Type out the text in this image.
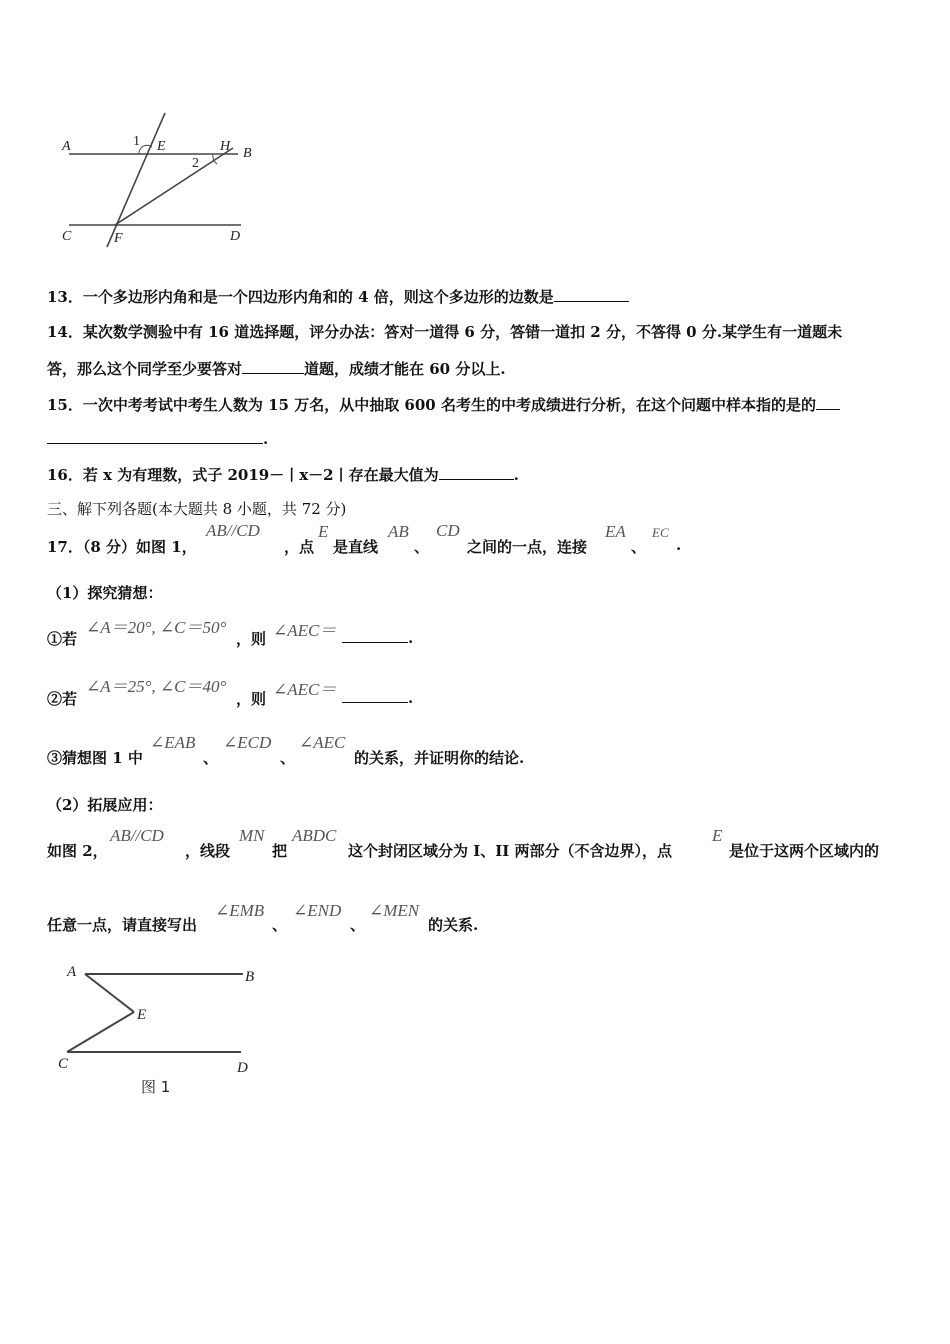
A	1 E	H B
2
C	F	D
13．一个多边形内角和是一个四边形内角和的 4 倍，则这个多边形的边数是
14．某次数学测验中有 16 道选择题，评分办法：答对一道得 6 分，答错一道扣 2 分，不答得 0 分.某学生有一道题未
答，那么这个同学至少要答对	道题，成绩才能在 60 分以上.
15．一次中考考试中考生人数为 15 万名，从中抽取 600 名考生的中考成绩进行分析，在这个问题中样本指的是的
.
16．若 x 为有理数，式子 2019－丨x－2丨存在最大值为	.
三、解下列各题(本大题共 8 小题，共 72 分)
17．（8 分）如图 1，
AB//CD
，点
E
是直线
AB
、
CD
之间的一点，连接
EA
、
EC
.
（1）探究猜想：
①若
∠A＝20°, ∠C＝50°
，则 ∠AEC＝	.
②若
∠A＝25°, ∠C＝40°
，则 ∠AEC＝	.
③猜想图 1 中
∠EAB
、
∠ECD
、
∠AEC
的关系，并证明你的结论.
（2）拓展应用：
如图 2，
AB//CD
，线段
MN
把
ABDC
这个封闭区域分为 I、II 两部分（不含边界），点
E
是位于这两个区域内的
任意一点，请直接写出
∠EMB
、
∠END
、
∠MEN
的关系.
A	B
E
C	D
图 1
